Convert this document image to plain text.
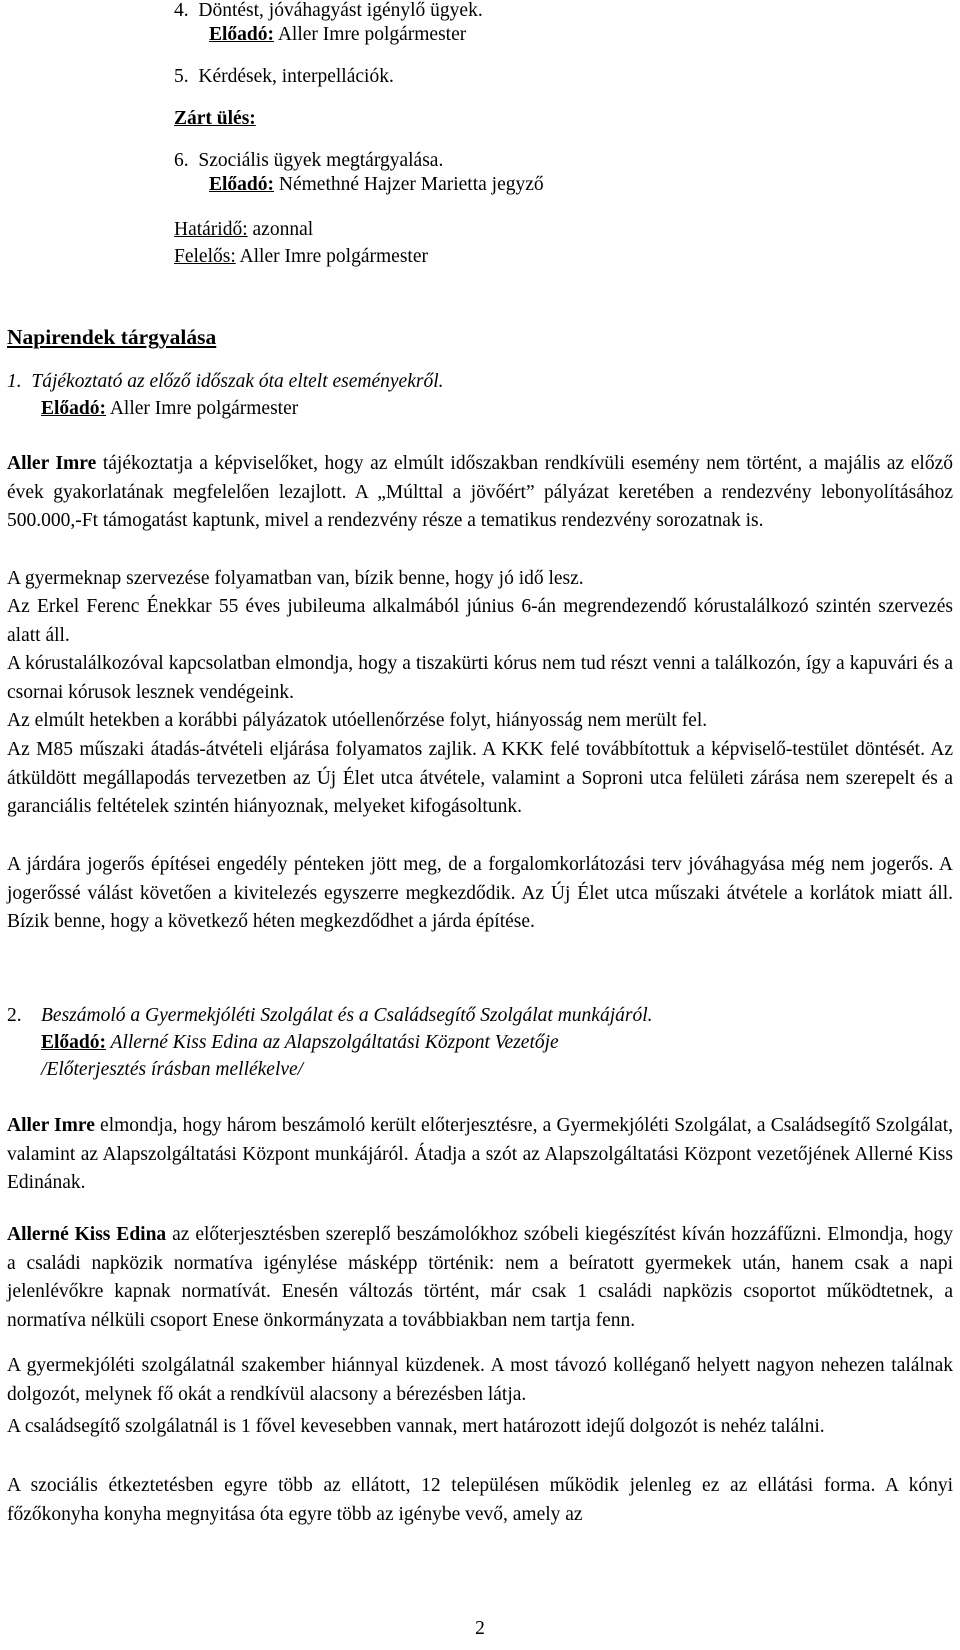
4.  Döntést, jóváhagyást igénylő ügyek.
Előadó: Aller Imre polgármester
5.  Kérdések, interpellációk.
Zárt ülés:
6.  Szociális ügyek megtárgyalása.
Előadó: Némethné Hajzer Marietta jegyző
Határidő: azonnal
Felelős: Aller Imre polgármester
Napirendek tárgyalása
1.  Tájékoztató az előző időszak óta eltelt eseményekről.
Előadó: Aller Imre polgármester
Aller Imre tájékoztatja a képviselőket, hogy az elmúlt időszakban rendkívüli esemény nem történt, a majális az előző évek gyakorlatának megfelelően lezajlott. A „Múlttal a jövőért” pályázat keretében a rendezvény lebonyolításához 500.000,-Ft támogatást kaptunk, mivel a rendezvény része a tematikus rendezvény sorozatnak is.
A gyermeknap szervezése folyamatban van, bízik benne, hogy jó idő lesz.
Az Erkel Ferenc Énekkar 55 éves jubileuma alkalmából június 6-án megrendezendő kórustalálkozó szintén szervezés alatt áll.
A kórustalálkozóval kapcsolatban elmondja, hogy a tiszakürti kórus nem tud részt venni a találkozón, így a kapuvári és a csornai kórusok lesznek vendégeink.
Az elmúlt hetekben a korábbi pályázatok utóellenőrzése folyt, hiányosság nem merült fel.
Az M85 műszaki átadás-átvételi eljárása folyamatos zajlik. A KKK felé továbbítottuk a képviselő-testület döntését. Az átküldött megállapodás tervezetben az Új Élet utca átvétele, valamint a Soproni utca felületi zárása nem szerepelt és a garanciális feltételek szintén hiányoznak, melyeket kifogásoltunk.
A járdára jogerős építései engedély pénteken jött meg, de a forgalomkorlátozási terv jóváhagyása még nem jogerős. A jogerőssé válást követően a kivitelezés egyszerre megkezdődik. Az Új Élet utca műszaki átvétele a korlátok miatt áll. Bízik benne, hogy a következő héten megkezdődhet a járda építése.
2. Beszámoló a Gyermekjóléti Szolgálat és a Családsegítő Szolgálat munkájáról.
Előadó: Allerné Kiss Edina az Alapszolgáltatási Központ Vezetője
/Előterjesztés írásban mellékelve/
Aller Imre elmondja, hogy három beszámoló került előterjesztésre, a Gyermekjóléti Szolgálat, a Családsegítő Szolgálat, valamint az Alapszolgáltatási Központ munkájáról. Átadja a szót az Alapszolgáltatási Központ vezetőjének Allerné Kiss Edinának.
Allerné Kiss Edina az előterjesztésben szereplő beszámolókhoz szóbeli kiegészítést kíván hozzáfűzni. Elmondja, hogy a családi napközik normatíva igénylése másképp történik: nem a beíratott gyermekek után, hanem csak a napi jelenlévőkre kapnak normatívát. Enesén változás történt, már csak 1 családi napközis csoportot működtetnek, a normatíva nélküli csoport Enese önkormányzata a továbbiakban nem tartja fenn.
A gyermekjóléti szolgálatnál szakember hiánnyal küzdenek. A most távozó kolléganő helyett nagyon nehezen találnak dolgozót, melynek fő okát a rendkívül alacsony a bérezésben látja.
A családsegítő szolgálatnál is 1 fővel kevesebben vannak, mert határozott idejű dolgozót is nehéz találni.
A szociális étkeztetésben egyre több az ellátott, 12 településen működik jelenleg ez az ellátási forma. A kónyi főzőkonyha konyha megnyitása óta egyre több az igénybe vevő, amely az
2
